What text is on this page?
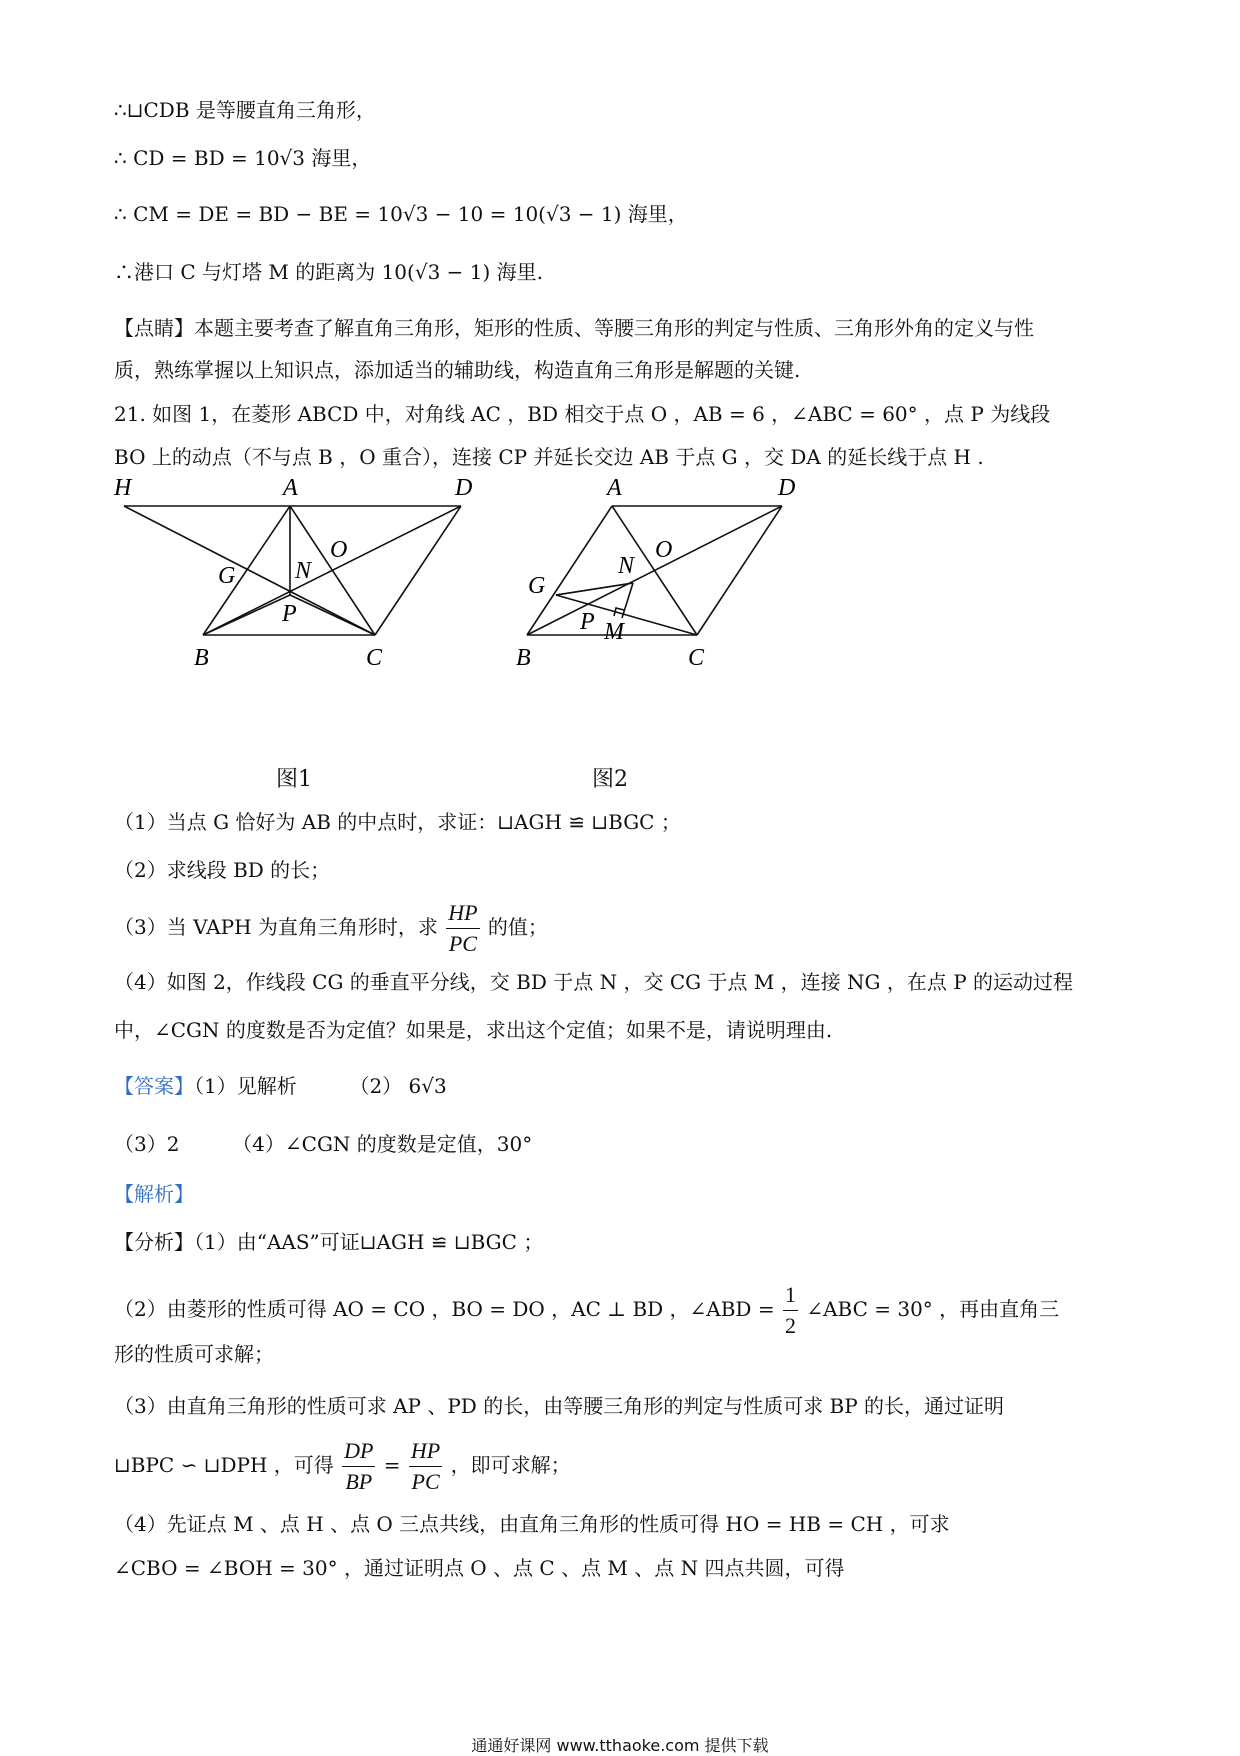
∴⊔CDB 是等腰直角三角形，
∴ CD = BD = 10√3 海里，
∴ CM = DE = BD − BE = 10√3 − 10 = 10(√3 − 1) 海里，
∴港口 C 与灯塔 M 的距离为 10(√3 − 1) 海里.
【点睛】本题主要考查了解直角三角形，矩形的性质、等腰三角形的判定与性质、三角形外角的定义与性
质，熟练掌握以上知识点，添加适当的辅助线，构造直角三角形是解题的关键.
21. 如图 1，在菱形 ABCD 中，对角线 AC ，BD 相交于点 O ，AB = 6 ，∠ABC = 60° ，点 P 为线段
BO 上的动点（不与点 B ，O 重合），连接 CP 并延长交边 AB 于点 G ，交 DA 的延长线于点 H .
H	A	D
O
G N
P
B	C
图1
A	D
O
N
G
P M
B	C
图2
（1）当点 G 恰好为 AB 的中点时，求证：⊔AGH ≌ ⊔BGC ；
（2）求线段 BD 的长；
（3）当 VAPH 为直角三角形时，求 $\frac{HP}{PC}$ 的值；
（4）如图 2，作线段 CG 的垂直平分线，交 BD 于点 N ，交 CG 于点 M ，连接 NG ，在点 P 的运动过程
中，∠CGN 的度数是否为定值？如果是，求出这个定值；如果不是，请说明理由.
【答案】（1）见解析	（2） 6√3
（3）2	（4）∠CGN 的度数是定值，30°
【解析】
【分析】（1）由“AAS”可证⊔AGH ≌ ⊔BGC ；
（2）由菱形的性质可得 AO = CO ，BO = DO ，AC ⊥ BD ，∠ABD = $\frac{1}{2}$ ∠ABC = 30° ，再由直角三
形的性质可求解；
（3）由直角三角形的性质可求 AP 、PD 的长，由等腰三角形的判定与性质可求 BP 的长，通过证明
⊔BPC ∽ ⊔DPH ，可得 $\frac{DP}{BP} = \frac{HP}{PC}$ ，即可求解；
（4）先证点 M 、点 H 、点 O 三点共线，由直角三角形的性质可得 HO = HB = CH ，可求
∠CBO = ∠BOH = 30° ，通过证明点 O 、点 C 、点 M 、点 N 四点共圆，可得
通通好课网 www.tthaoke.com 提供下载
